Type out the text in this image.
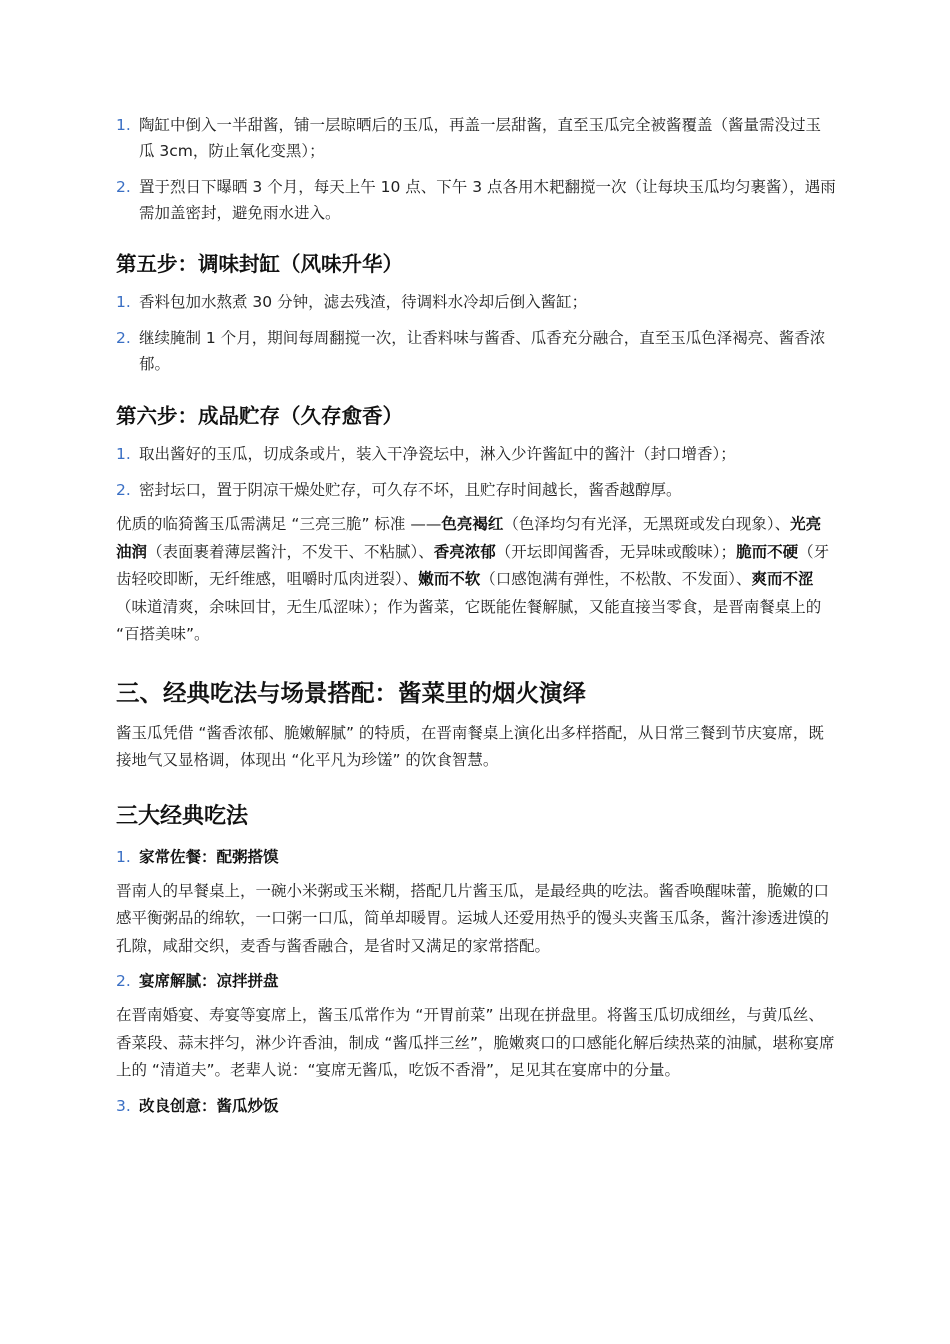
1. 陶缸中倒入一半甜酱，铺一层晾晒后的玉瓜，再盖一层甜酱，直至玉瓜完全被酱覆盖（酱量需没过玉瓜 3cm，防止氧化变黑）；
2. 置于烈日下曝晒 3 个月，每天上午 10 点、下午 3 点各用木耙翻搅一次（让每块玉瓜均匀裹酱），遇雨需加盖密封，避免雨水进入。
第五步：调味封缸（风味升华）
1. 香料包加水熬煮 30 分钟，滤去残渣，待调料水冷却后倒入酱缸；
2. 继续腌制 1 个月，期间每周翻搅一次，让香料味与酱香、瓜香充分融合，直至玉瓜色泽褐亮、酱香浓郁。
第六步：成品贮存（久存愈香）
1. 取出酱好的玉瓜，切成条或片，装入干净瓷坛中，淋入少许酱缸中的酱汁（封口增香）；
2. 密封坛口，置于阴凉干燥处贮存，可久存不坏，且贮存时间越长，酱香越醇厚。

优质的临猗酱玉瓜需满足 “三亮三脆” 标准 ——色亮褐红（色泽均匀有光泽，无黑斑或发白现象）、光亮油润（表面裹着薄层酱汁，不发干、不粘腻）、香亮浓郁（开坛即闻酱香，无异味或酸味）；脆而不硬（牙齿轻咬即断，无纤维感，咀嚼时瓜肉迸裂）、嫩而不软（口感饱满有弹性，不松散、不发面）、爽而不涩（味道清爽，余味回甘，无生瓜涩味）；作为酱菜，它既能佐餐解腻，又能直接当零食，是晋南餐桌上的 “百搭美味”。

三、经典吃法与场景搭配：酱菜里的烟火演绎

酱玉瓜凭借 “酱香浓郁、脆嫩解腻” 的特质，在晋南餐桌上演化出多样搭配，从日常三餐到节庆宴席，既接地气又显格调，体现出 “化平凡为珍馐” 的饮食智慧。

三大经典吃法
1. 家常佐餐：配粥搭馍

晋南人的早餐桌上，一碗小米粥或玉米糊，搭配几片酱玉瓜，是最经典的吃法。酱香唤醒味蕾，脆嫩的口感平衡粥品的绵软，一口粥一口瓜，简单却暖胃。运城人还爱用热乎的馒头夹酱玉瓜条，酱汁渗透进馍的孔隙，咸甜交织，麦香与酱香融合，是省时又满足的家常搭配。

2. 宴席解腻：凉拌拼盘

在晋南婚宴、寿宴等宴席上，酱玉瓜常作为 “开胃前菜” 出现在拼盘里。将酱玉瓜切成细丝，与黄瓜丝、香菜段、蒜末拌匀，淋少许香油，制成 “酱瓜拌三丝”，脆嫩爽口的口感能化解后续热菜的油腻，堪称宴席上的 “清道夫”。老辈人说：“宴席无酱瓜，吃饭不香滑”，足见其在宴席中的分量。

3. 改良创意：酱瓜炒饭
